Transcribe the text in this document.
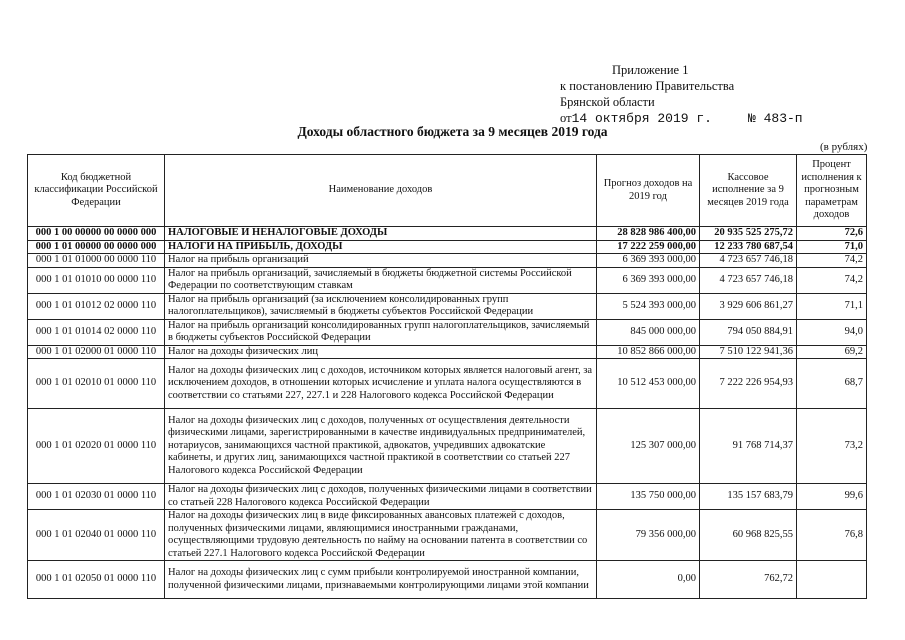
Приложение 1
к постановлению Правительства
Брянской области
от14 октября 2019 г.	№ 483-п
Доходы областного бюджета за 9 месяцев 2019 года
(в рублях)
Код бюджетной классификации Российской Федерации	Наименование доходов	Прогноз доходов на 2019 год	Кассовое исполнение за 9 месяцев 2019 года	Процент исполнения к прогнозным параметрам доходов
000 1 00 00000 00 0000 000	НАЛОГОВЫЕ И НЕНАЛОГОВЫЕ ДОХОДЫ	28 828 986 400,00	20 935 525 275,72	72,6
000 1 01 00000 00 0000 000	НАЛОГИ НА ПРИБЫЛЬ, ДОХОДЫ	17 222 259 000,00	12 233 780 687,54	71,0
000 1 01 01000 00 0000 110	Налог на прибыль организаций	6 369 393 000,00	4 723 657 746,18	74,2
000 1 01 01010 00 0000 110	Налог на прибыль организаций, зачисляемый в бюджеты бюджетной системы Российской Федерации по соответствующим ставкам	6 369 393 000,00	4 723 657 746,18	74,2
000 1 01 01012 02 0000 110	Налог на прибыль организаций (за исключением консолидированных групп налогоплательщиков), зачисляемый в бюджеты субъектов Российской Федерации	5 524 393 000,00	3 929 606 861,27	71,1
000 1 01 01014 02 0000 110	Налог на прибыль организаций консолидированных групп налогоплательщиков, зачисляемый в бюджеты субъектов Российской Федерации	845 000 000,00	794 050 884,91	94,0
000 1 01 02000 01 0000 110	Налог на доходы физических лиц	10 852 866 000,00	7 510 122 941,36	69,2
000 1 01 02010 01 0000 110	Налог на доходы физических лиц с доходов, источником которых является налоговый агент, за исключением доходов, в отношении которых исчисление и уплата налога осуществляются в соответствии со статьями 227, 227.1 и 228 Налогового кодекса Российской Федерации	10 512 453 000,00	7 222 226 954,93	68,7
000 1 01 02020 01 0000 110	Налог на доходы физических лиц с доходов, полученных от осуществления деятельности физическими лицами, зарегистрированными в качестве индивидуальных предпринимателей, нотариусов, занимающихся частной практикой, адвокатов, учредивших адвокатские кабинеты, и других лиц, занимающихся частной практикой в соответствии со статьей 227 Налогового кодекса Российской Федерации	125 307 000,00	91 768 714,37	73,2
000 1 01 02030 01 0000 110	Налог на доходы физических лиц с доходов, полученных физическими лицами в соответствии со статьей 228 Налогового кодекса Российской Федерации	135 750 000,00	135 157 683,79	99,6
000 1 01 02040 01 0000 110	Налог на доходы физических лиц в виде фиксированных авансовых платежей с доходов, полученных физическими лицами, являющимися иностранными гражданами, осуществляющими трудовую деятельность по найму на основании патента в соответствии со статьей 227.1 Налогового кодекса Российской Федерации	79 356 000,00	60 968 825,55	76,8
000 1 01 02050 01 0000 110	Налог на доходы физических лиц с сумм прибыли контролируемой иностранной компании, полученной физическими лицами, признаваемыми контролирующими лицами этой компании	0,00	762,72	
